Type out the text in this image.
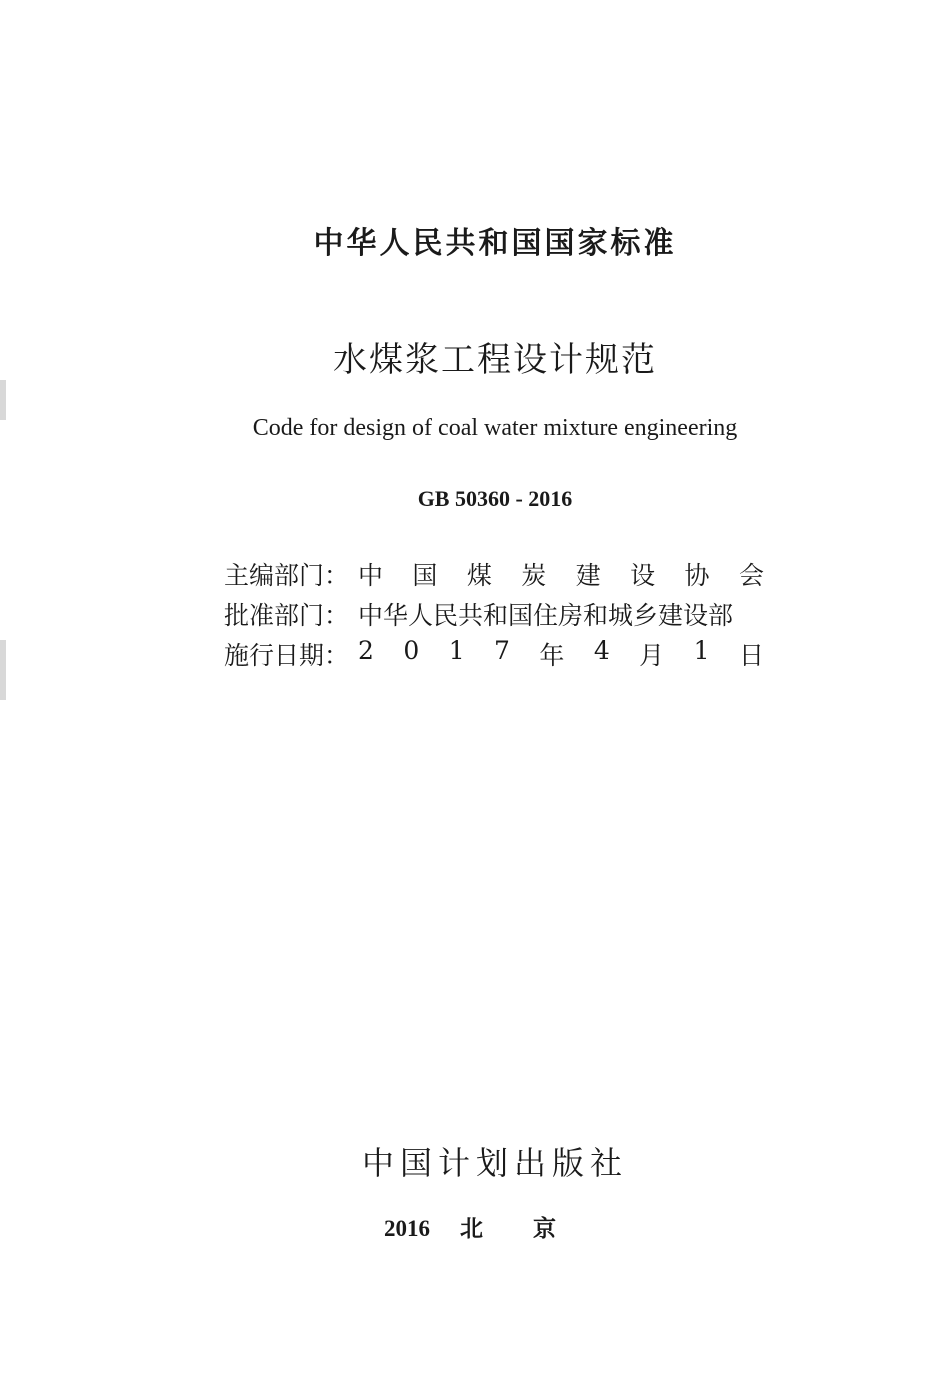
中华人民共和国国家标准
水煤浆工程设计规范
Code for design of coal water mixture engineering
GB 50360 - 2016
主编部门： 中 国 煤 炭 建 设 协 会
批准部门： 中华人民共和国住房和城乡建设部
施行日期： 2 0 1 7 年 4 月 1 日
中国计划出版社
2016 北京
